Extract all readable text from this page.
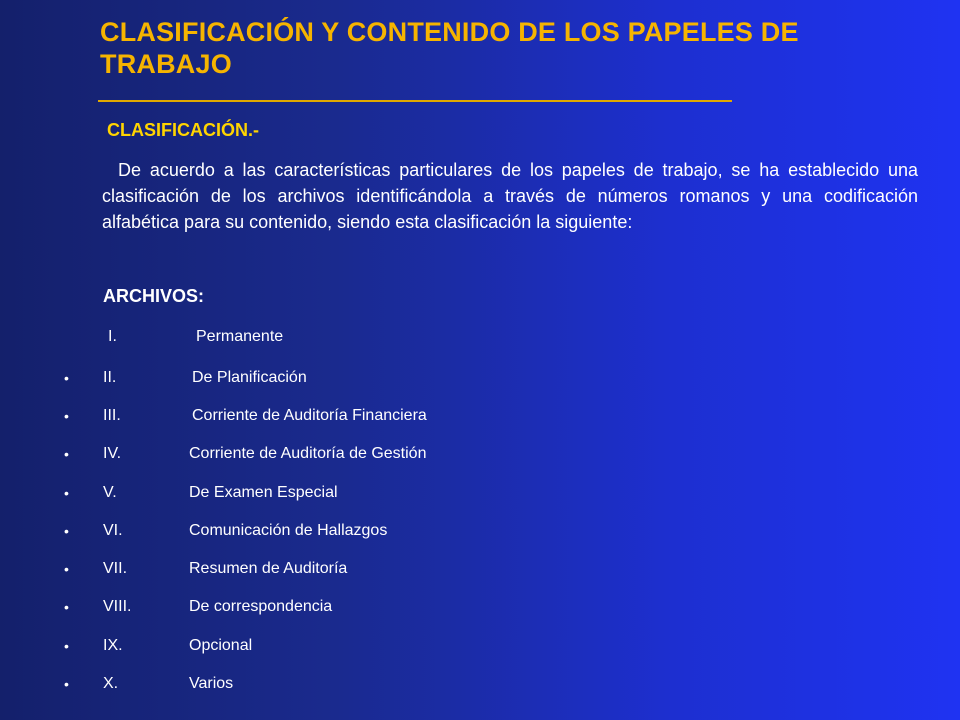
CLASIFICACIÓN Y CONTENIDO DE LOS PAPELES DE TRABAJO
CLASIFICACIÓN.-

De acuerdo a las características particulares de los papeles de trabajo, se ha establecido una clasificación de los archivos identificándola a través de números romanos y una codificación alfabética para su contenido, siendo esta clasificación la siguiente:

ARCHIVOS:
I.	Permanente
• II.	De Planificación
• III.	Corriente de Auditoría Financiera
• IV.	Corriente de Auditoría de Gestión
• V.	De Examen Especial
• VI.	Comunicación de Hallazgos
• VII.	Resumen de Auditoría
• VIII.	De correspondencia
• IX.	Opcional
• X.	Varios
